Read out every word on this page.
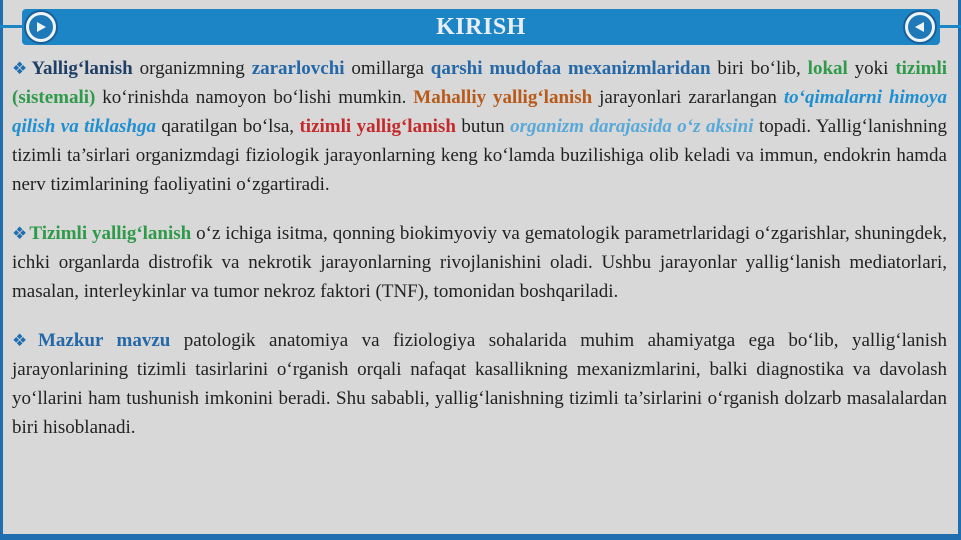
KIRISH

❖ Yallig‘lanish organizmning zararlovchi omillarga qarshi mudofaa mexanizmlaridan biri bo‘lib, lokal yoki tizimli (sistemali) ko‘rinishda namoyon bo‘lishi mumkin. Mahalliy yallig‘lanish jarayonlari zararlangan to‘qimalarni himoya qilish va tiklashga qaratilgan bo‘lsa, tizimli yallig‘lanish butun organizm darajasida o‘z aksini topadi. Yallig‘lanishning tizimli ta’sirlari organizmdagi fiziologik jarayonlarning keng ko‘lamda buzilishiga olib keladi va immun, endokrin hamda nerv tizimlarining faoliyatini o‘zgartiradi.

❖ Tizimli yallig‘lanish o‘z ichiga isitma, qonning biokimyoviy va gematologik parametrlaridagi o‘zgarishlar, shuningdek, ichki organlarda distrofik va nekrotik jarayonlarning rivojlanishini oladi. Ushbu jarayonlar yallig‘lanish mediatorlari, masalan, interleykinlar va tumor nekroz faktori (TNF), tomonidan boshqariladi.

❖ Mazkur mavzu patologik anatomiya va fiziologiya sohalarida muhim ahamiyatga ega bo‘lib, yallig‘lanish jarayonlarining tizimli tasirlarini o‘rganish orqali nafaqat kasallikning mexanizmlarini, balki diagnostika va davolash yo‘llarini ham tushunish imkonini beradi. Shu sababli, yallig‘lanishning tizimli ta’sirlarini o‘rganish dolzarb masalalardan biri hisoblanadi.
